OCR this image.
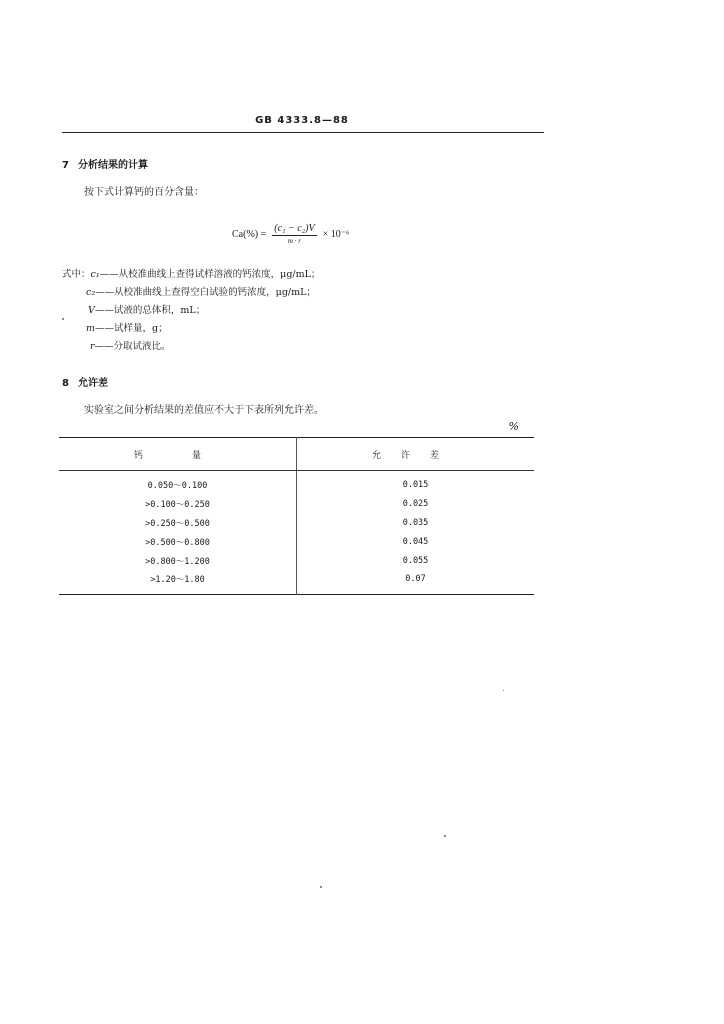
GB 4333.8—88
7 分析结果的计算
按下式计算钙的百分含量：
$Ca(\%) = \frac{\text{(c₁ − c₂)V}}{m \cdot r} \times 10^{-6}$
式中：c₁——从校准曲线上查得试样溶液的钙浓度，μg/mL；
c₂——从校准曲线上查得空白试验的钙浓度，μg/mL；
V——试液的总体积，mL；
m——试样量，g；
r——分取试液比。
8 允许差
实验室之间分析结果的差值应不大于下表所列允许差。
%
钙　量	允许差
0.050～0.100	0.015
>0.100～0.250	0.025
>0.250～0.500	0.035
>0.500～0.800	0.045
>0.800～1.200	0.055
>1.20～1.80	0.07
